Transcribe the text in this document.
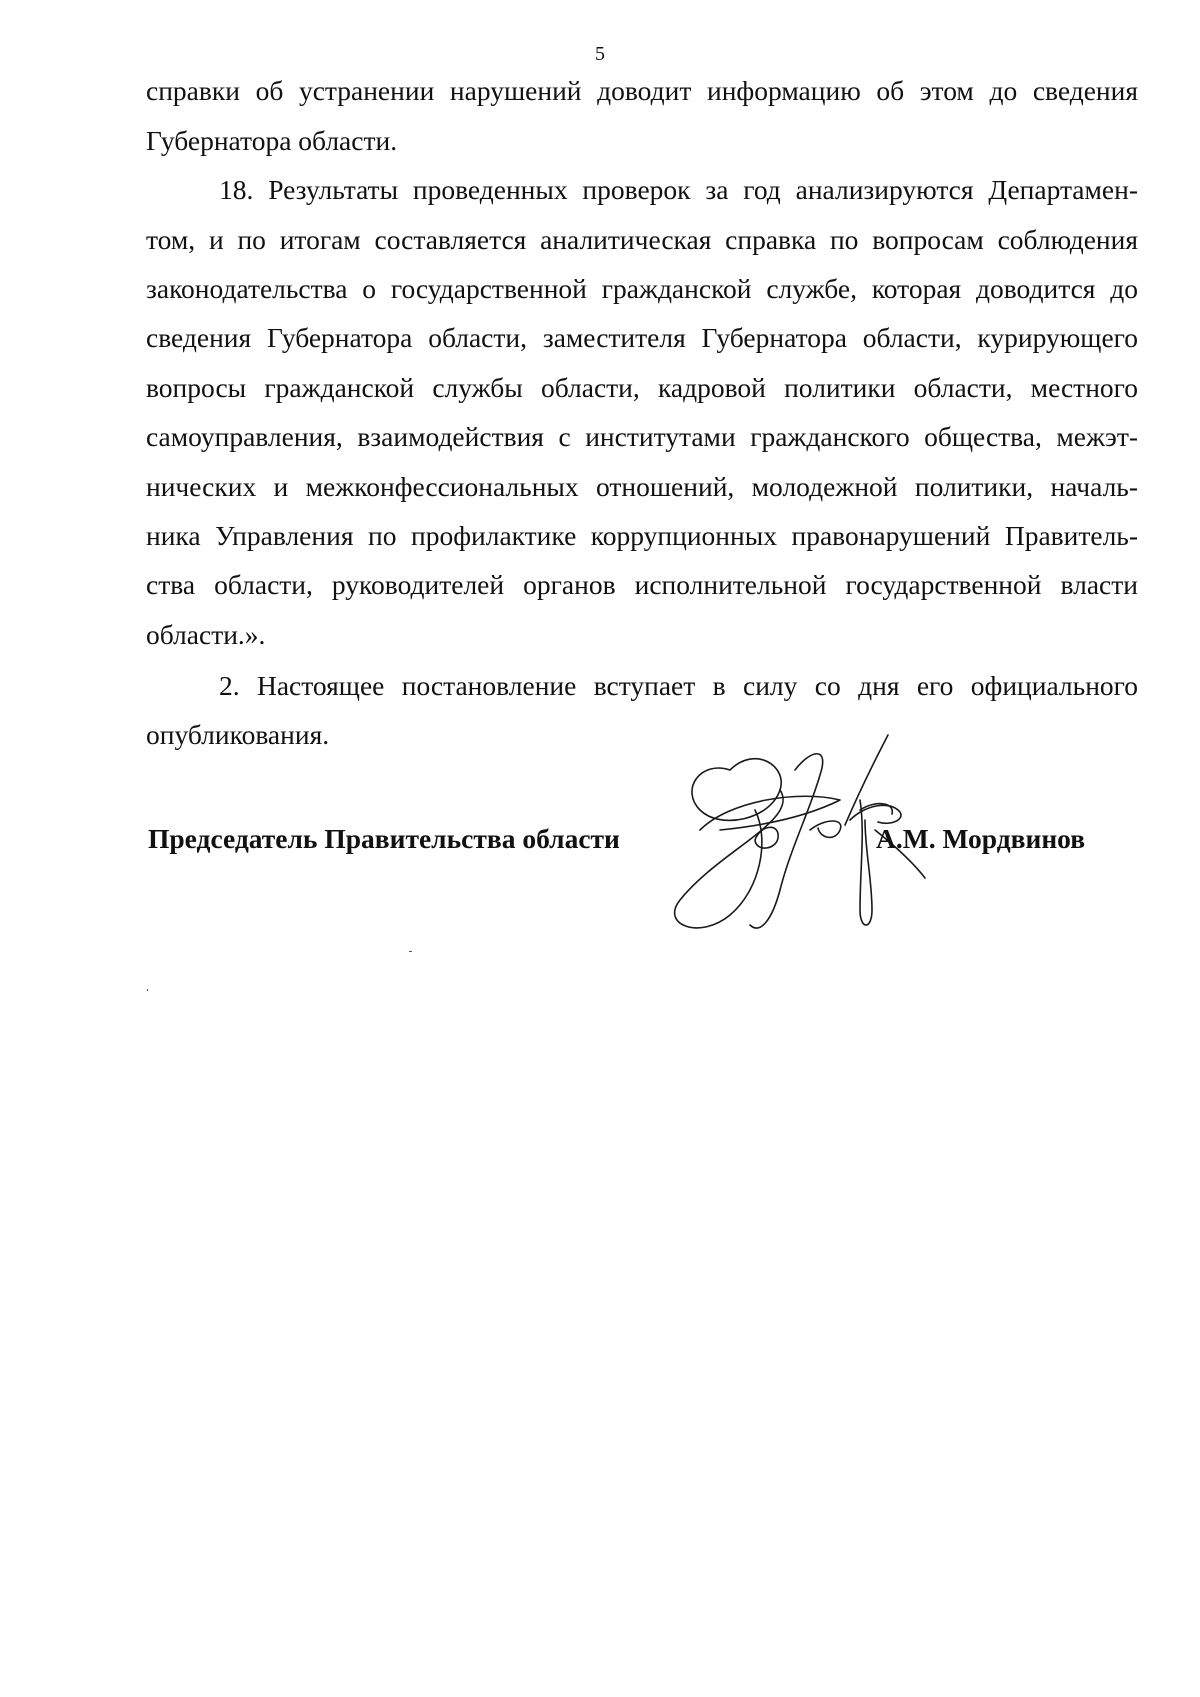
5
справки об устранении нарушений доводит информацию об этом до сведения
Губернатора области.
18. Результаты проведенных проверок за год анализируются Департамен-
том, и по итогам составляется аналитическая справка по вопросам соблюдения
законодательства о государственной гражданской службе, которая доводится до
сведения Губернатора области, заместителя Губернатора области, курирующего
вопросы гражданской службы области, кадровой политики области, местного
самоуправления, взаимодействия с институтами гражданского общества, межэт-
нических и межконфессиональных отношений, молодежной политики, началь-
ника Управления по профилактике коррупционных правонарушений Правитель-
ства области, руководителей органов исполнительной государственной власти
области.».
2. Настоящее постановление вступает в силу со дня его официального
опубликования.
Председатель Правительства области	А.М. Мордвинов
